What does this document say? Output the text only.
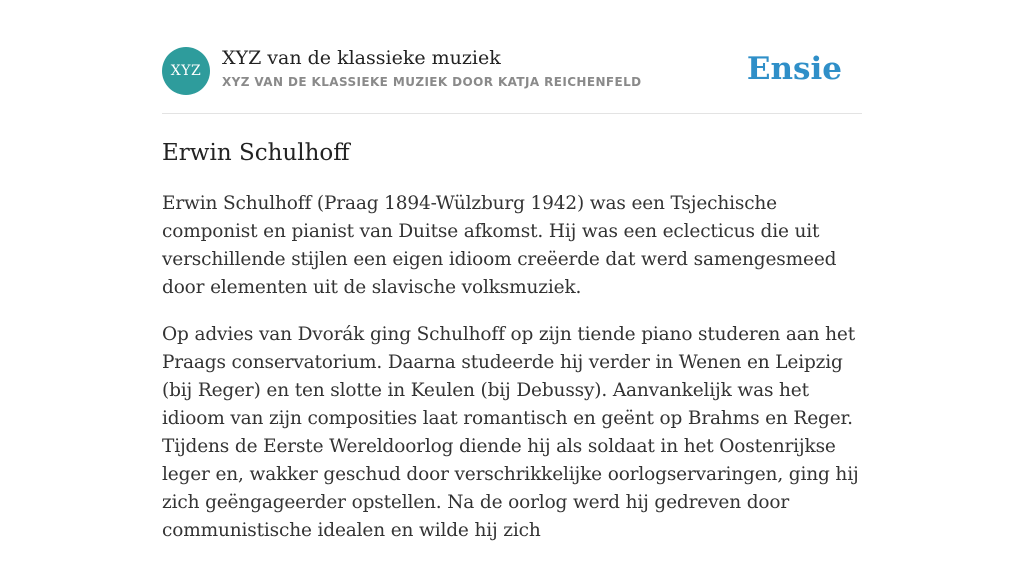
XYZ
XYZ van de klassieke muziek
XYZ VAN DE KLASSIEKE MUZIEK DOOR KATJA REICHENFELD	Ensie
Erwin Schulhoff

Erwin Schulhoff (Praag 1894-Wülzburg 1942) was een Tsjechische componist en pianist van Duitse afkomst. Hij was een eclecticus die uit verschillende stijlen een eigen idioom creëerde dat werd samengesmeed door elementen uit de slavische volksmuziek.

Op advies van Dvorák ging Schulhoff op zijn tiende piano studeren aan het Praags conservatorium. Daarna studeerde hij verder in Wenen en Leipzig (bij Reger) en ten slotte in Keulen (bij Debussy). Aanvankelijk was het idioom van zijn composities laat romantisch en geënt op Brahms en Reger. Tijdens de Eerste Wereldoorlog diende hij als soldaat in het Oostenrijkse leger en, wakker geschud door verschrikkelijke oorlogservaringen, ging hij zich geëngageerder opstellen. Na de oorlog werd hij gedreven door communistische idealen en wilde hij zich
